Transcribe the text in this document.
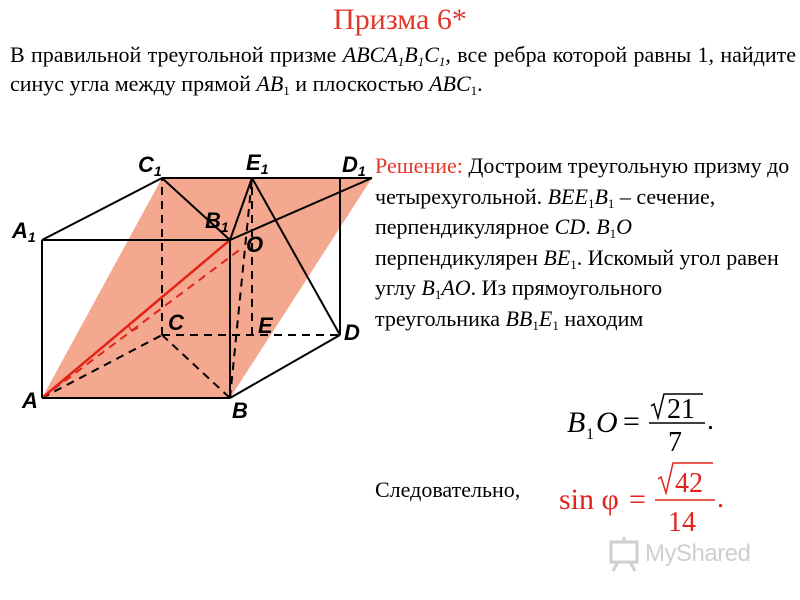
Призма 6*
В правильной треугольной призме $ABCA_1B_1C_1$, все ребра которой равны 1, найдите синус угла между прямой $AB_1$ и плоскостью $ABC_1$.
C1	E1	D1
A1
B1
O
C	E	D
A	B
Решение: Достроим треугольную призму до четырехугольной. $BEE_1B_1$ – сечение, перпендикулярное CD. $B_1O$ перпендикулярен $BE_1$. Искомый угол равен углу $B_1AO$. Из прямоугольного треугольника $BB_1E_1$ находим
B 1 O = 21
7
.
Следовательно, sin φ = 42
14
.
MyShared
